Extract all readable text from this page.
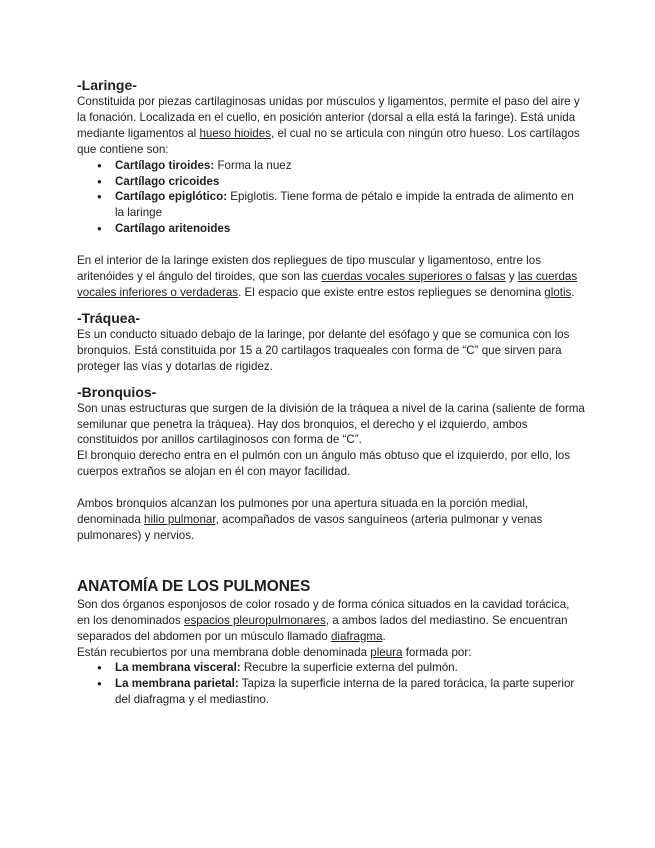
-Laringe-

Constituida por piezas cartilaginosas unidas por músculos y ligamentos, permite el paso del aire y la fonación. Localizada en el cuello, en posición anterior (dorsal a ella está la faringe). Está unida mediante ligamentos al hueso hioides, el cual no se articula con ningún otro hueso. Los cartílagos que contiene son:

● Cartílago tiroides: Forma la nuez
● Cartílago cricoides
● Cartílago epiglótico: Epiglotis. Tiene forma de pétalo e impide la entrada de alimento en la laringe
● Cartílago aritenoides

En el interior de la laringe existen dos repliegues de tipo muscular y ligamentoso, entre los aritenóides y el ángulo del tiroides, que son las cuerdas vocales superiores o falsas y las cuerdas vocales inferiores o verdaderas. El espacio que existe entre estos repliegues se denomina glotis.

-Tráquea-

Es un conducto situado debajo de la laringe, por delante del esófago y que se comunica con los bronquios. Está constituida por 15 a 20 cartilagos traqueales con forma de “C” que sirven para proteger las vías y dotarlas de rigidez.

-Bronquios-

Son unas estructuras que surgen de la división de la tráquea a nivel de la carina (saliente de forma semilunar que penetra la tráquea). Hay dos bronquios, el derecho y el izquierdo, ambos constituidos por anillos cartilaginosos con forma de “C”.

El bronquio derecho entra en el pulmón con un ángulo más obtuso que el izquierdo, por ello, los cuerpos extraños se alojan en él con mayor facilidad.

Ambos bronquios alcanzan los pulmones por una apertura situada en la porción medial, denominada hilio pulmonar, acompañados de vasos sanguíneos (arteria pulmonar y venas pulmonares) y nervios.

ANATOMÍA DE LOS PULMONES

Son dos órganos esponjosos de color rosado y de forma cónica situados en la cavidad torácica, en los denominados espacios pleuropulmonares, a ambos lados del mediastino. Se encuentran separados del abdomen por un músculo llamado diafragma.

Están recubiertos por una membrana doble denominada pleura formada por:

● La membrana visceral: Recubre la superficie externa del pulmón.
● La membrana parietal: Tapiza la superficie interna de la pared torácica, la parte superior del diafragma y el mediastino.
